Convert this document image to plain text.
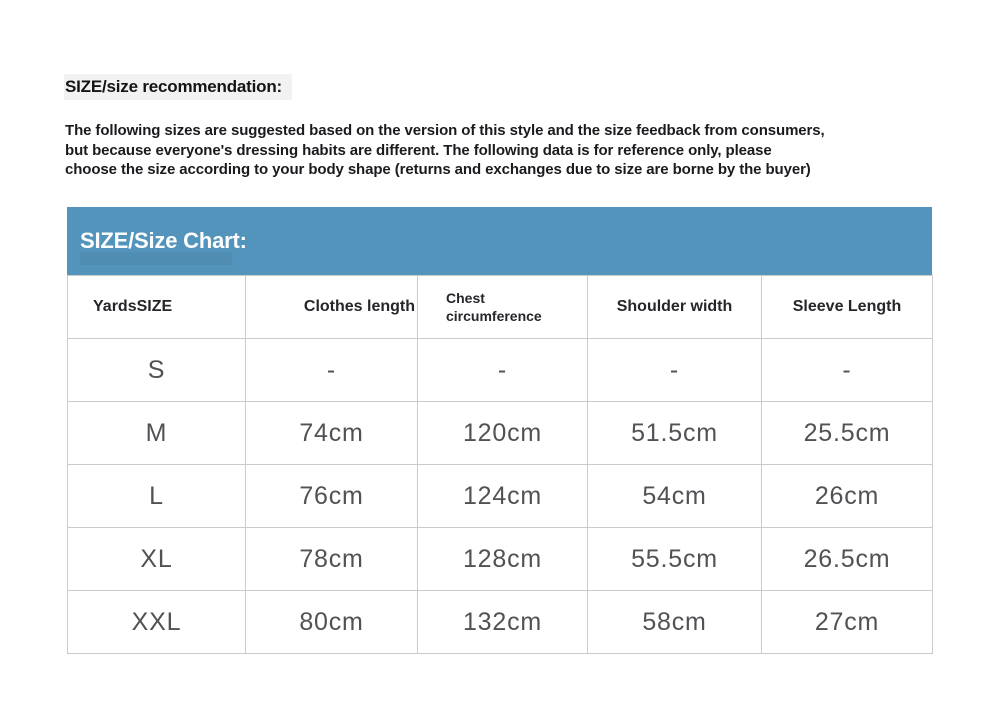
SIZE/size recommendation:
The following sizes are suggested based on the version of this style and the size feedback from consumers,
but because everyone's dressing habits are different. The following data is for reference only, please
choose the size according to your body shape (returns and exchanges due to size are borne by the buyer)
SIZE/Size Chart:
YardsSIZE	Clothes length	Chest circumference	Shoulder width	Sleeve Length
S	-	-	-	-
M	74cm	120cm	51.5cm	25.5cm
L	76cm	124cm	54cm	26cm
XL	78cm	128cm	55.5cm	26.5cm
XXL	80cm	132cm	58cm	27cm
